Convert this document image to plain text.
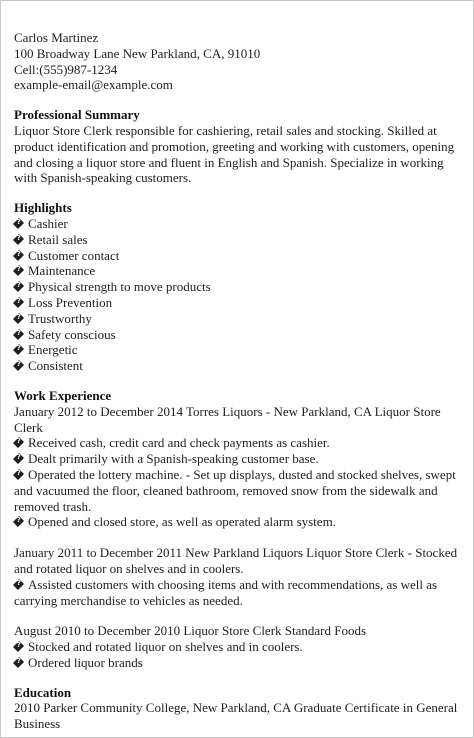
Carlos Martinez
100 Broadway Lane New Parkland, CA, 91010
Cell:(555)987-1234
example-email@example.com
Professional Summary
Liquor Store Clerk responsible for cashiering, retail sales and stocking. Skilled at product identification and promotion, greeting and working with customers, opening and closing a liquor store and fluent in English and Spanish. Specialize in working with Spanish-speaking customers.
Highlights
?Cashier
?Retail sales
?Customer contact
?Maintenance
?Physical strength to move products
?Loss Prevention
?Trustworthy
?Safety conscious
?Energetic
?Consistent
Work Experience
January 2012 to December 2014 Torres Liquors - New Parkland, CA Liquor Store Clerk
?Received cash, credit card and check payments as cashier.
?Dealt primarily with a Spanish-speaking customer base.
?Operated the lottery machine. - Set up displays, dusted and stocked shelves, swept and vacuumed the floor, cleaned bathroom, removed snow from the sidewalk and removed trash.
?Opened and closed store, as well as operated alarm system.
January 2011 to December 2011 New Parkland Liquors Liquor Store Clerk - Stocked and rotated liquor on shelves and in coolers.
?Assisted customers with choosing items and with recommendations, as well as carrying merchandise to vehicles as needed.
August 2010 to December 2010 Liquor Store Clerk Standard Foods
?Stocked and rotated liquor on shelves and in coolers.
?Ordered liquor brands
Education
2010 Parker Community College, New Parkland, CA Graduate Certificate in General Business
